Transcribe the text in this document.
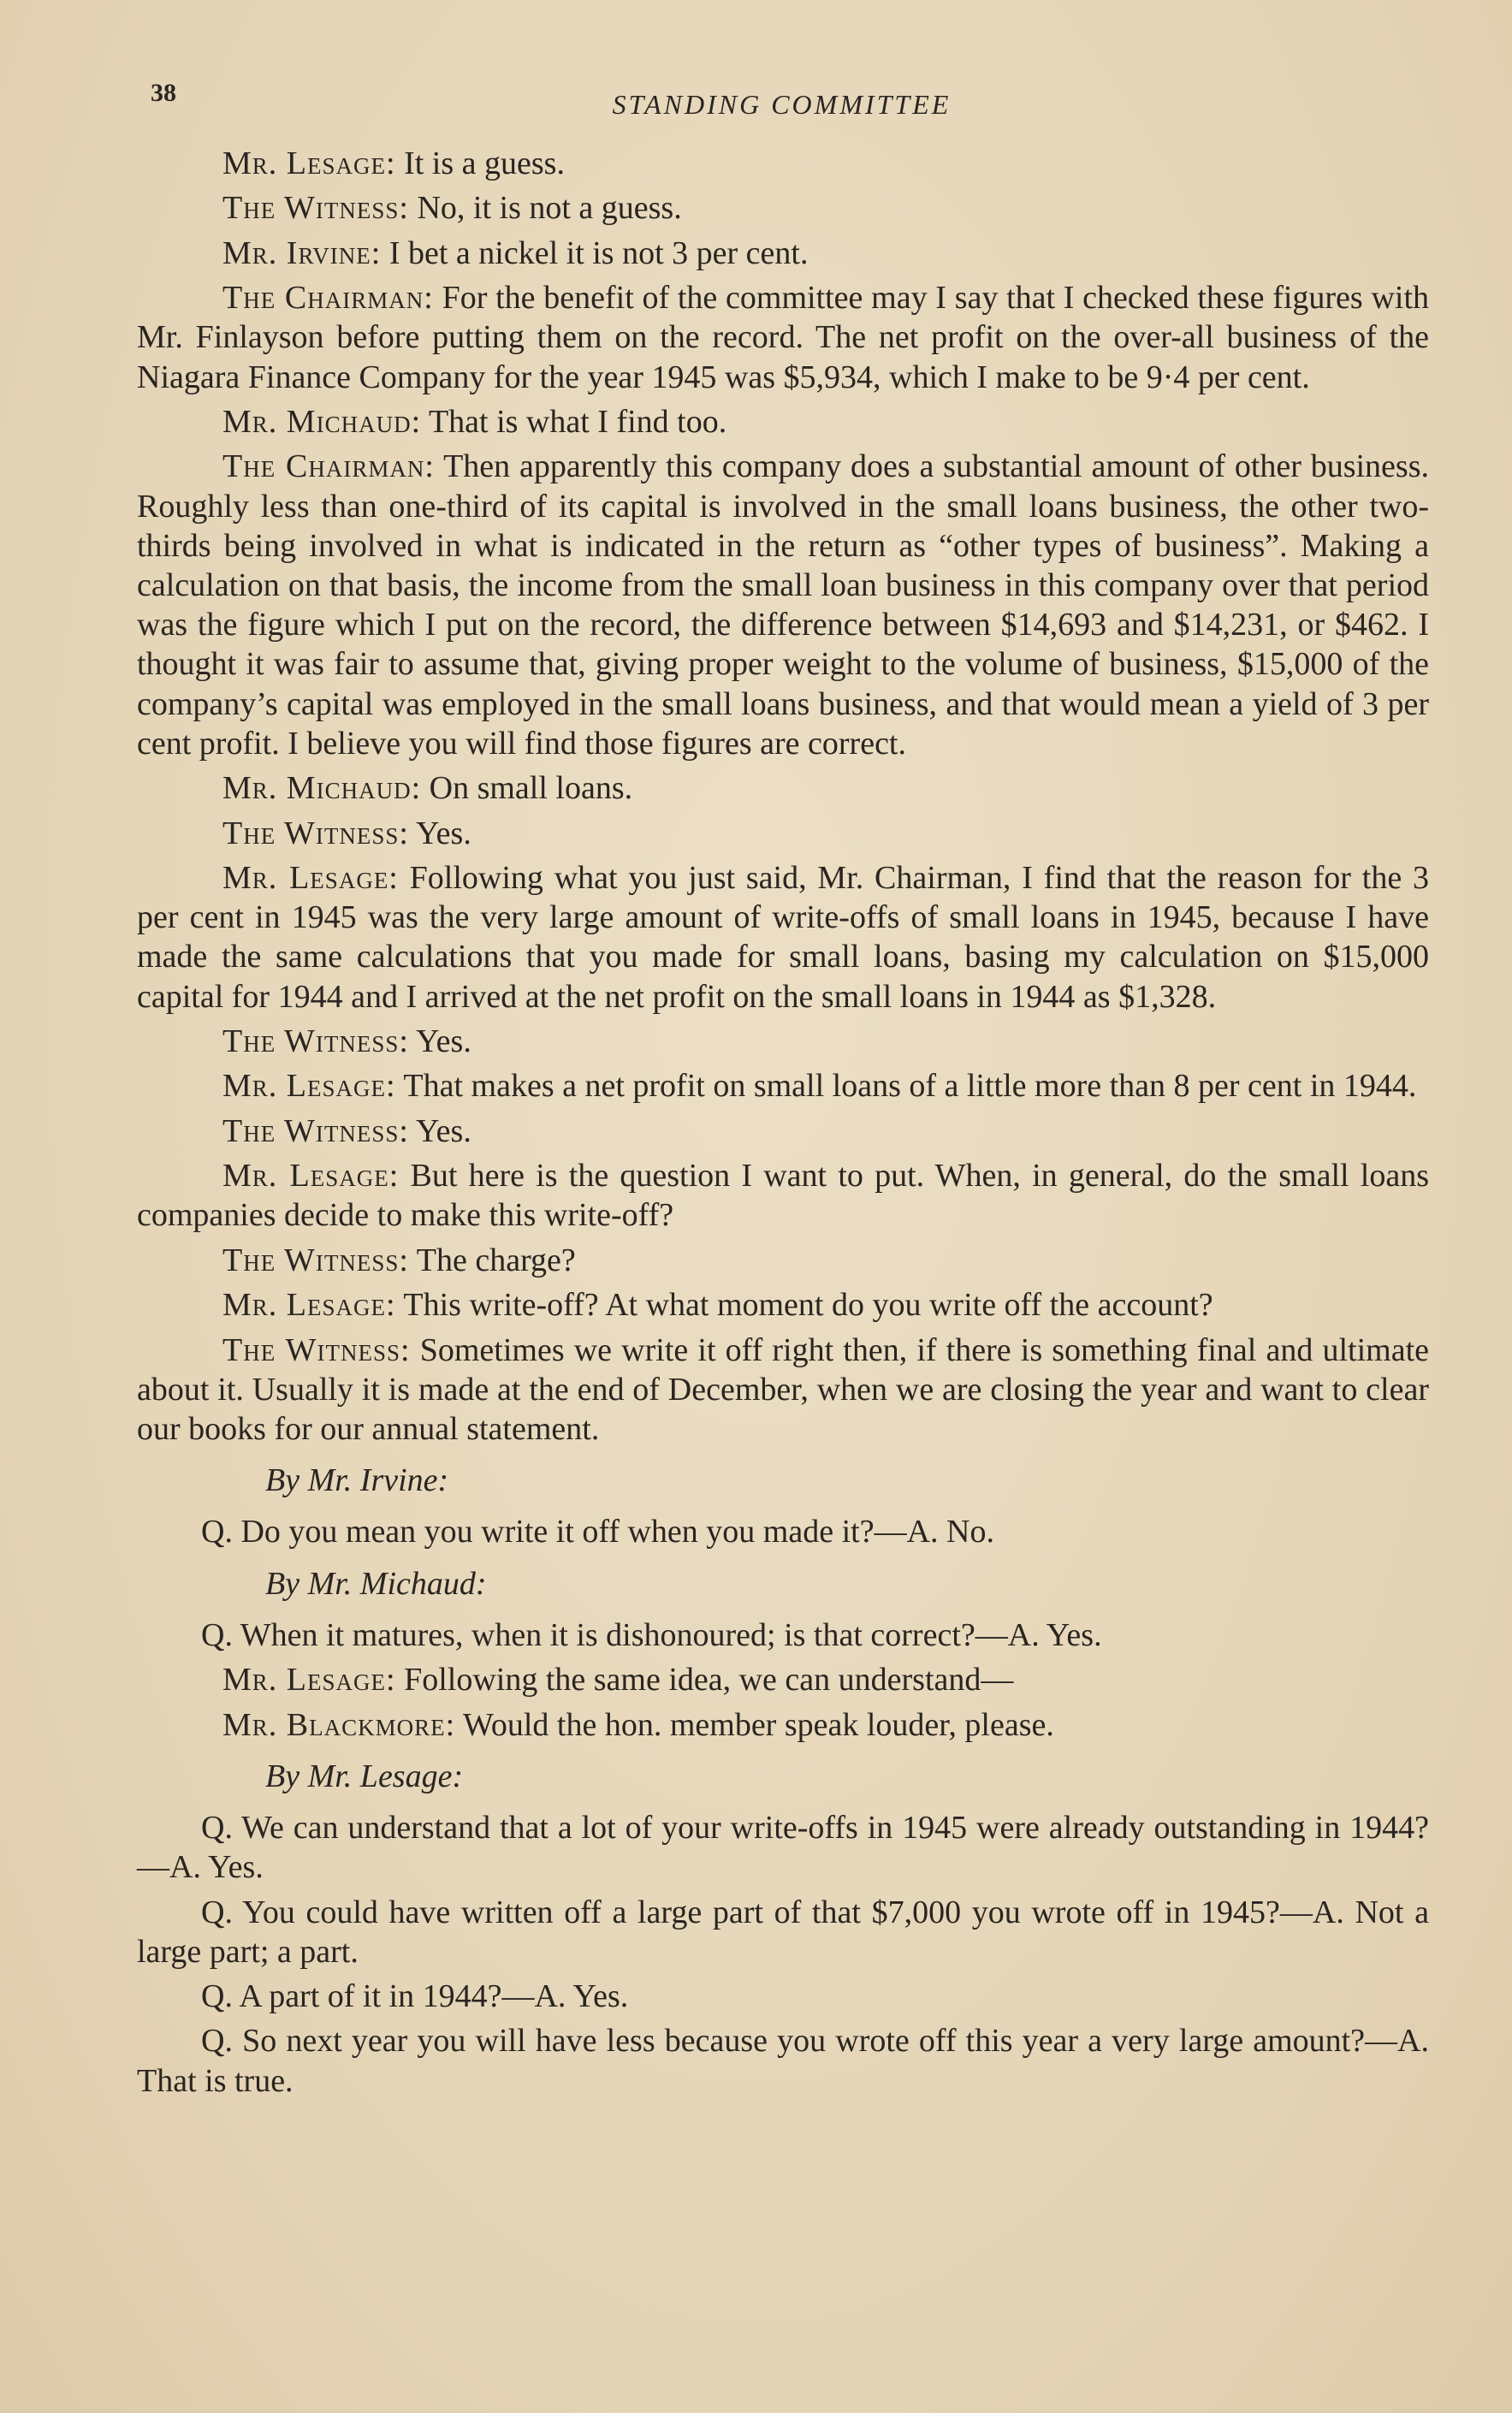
38	STANDING COMMITTEE

Mr. Lesage: It is a guess.

The Witness: No, it is not a guess.

Mr. Irvine: I bet a nickel it is not 3 per cent.

The Chairman: For the benefit of the committee may I say that I checked these figures with Mr. Finlayson before putting them on the record. The net profit on the over-all business of the Niagara Finance Company for the year 1945 was $5,934, which I make to be 9·4 per cent.

Mr. Michaud: That is what I find too.

The Chairman: Then apparently this company does a substantial amount of other business. Roughly less than one-third of its capital is involved in the small loans business, the other two-thirds being involved in what is indicated in the return as “other types of business”. Making a calculation on that basis, the income from the small loan business in this company over that period was the figure which I put on the record, the difference between $14,693 and $14,231, or $462. I thought it was fair to assume that, giving proper weight to the volume of business, $15,000 of the company’s capital was employed in the small loans business, and that would mean a yield of 3 per cent profit. I believe you will find those figures are correct.

Mr. Michaud: On small loans.

The Witness: Yes.

Mr. Lesage: Following what you just said, Mr. Chairman, I find that the reason for the 3 per cent in 1945 was the very large amount of write-offs of small loans in 1945, because I have made the same calculations that you made for small loans, basing my calculation on $15,000 capital for 1944 and I arrived at the net profit on the small loans in 1944 as $1,328.

The Witness: Yes.

Mr. Lesage: That makes a net profit on small loans of a little more than 8 per cent in 1944.

The Witness: Yes.

Mr. Lesage: But here is the question I want to put. When, in general, do the small loans companies decide to make this write-off?

The Witness: The charge?

Mr. Lesage: This write-off? At what moment do you write off the account?

The Witness: Sometimes we write it off right then, if there is something final and ultimate about it. Usually it is made at the end of December, when we are closing the year and want to clear our books for our annual statement.

By Mr. Irvine:

Q. Do you mean you write it off when you made it?—A. No.

By Mr. Michaud:

Q. When it matures, when it is dishonoured; is that correct?—A. Yes.

Mr. Lesage: Following the same idea, we can understand—

Mr. Blackmore: Would the hon. member speak louder, please.

By Mr. Lesage:

Q. We can understand that a lot of your write-offs in 1945 were already outstanding in 1944?—A. Yes.

Q. You could have written off a large part of that $7,000 you wrote off in 1945?—A. Not a large part; a part.

Q. A part of it in 1944?—A. Yes.

Q. So next year you will have less because you wrote off this year a very large amount?—A. That is true.
